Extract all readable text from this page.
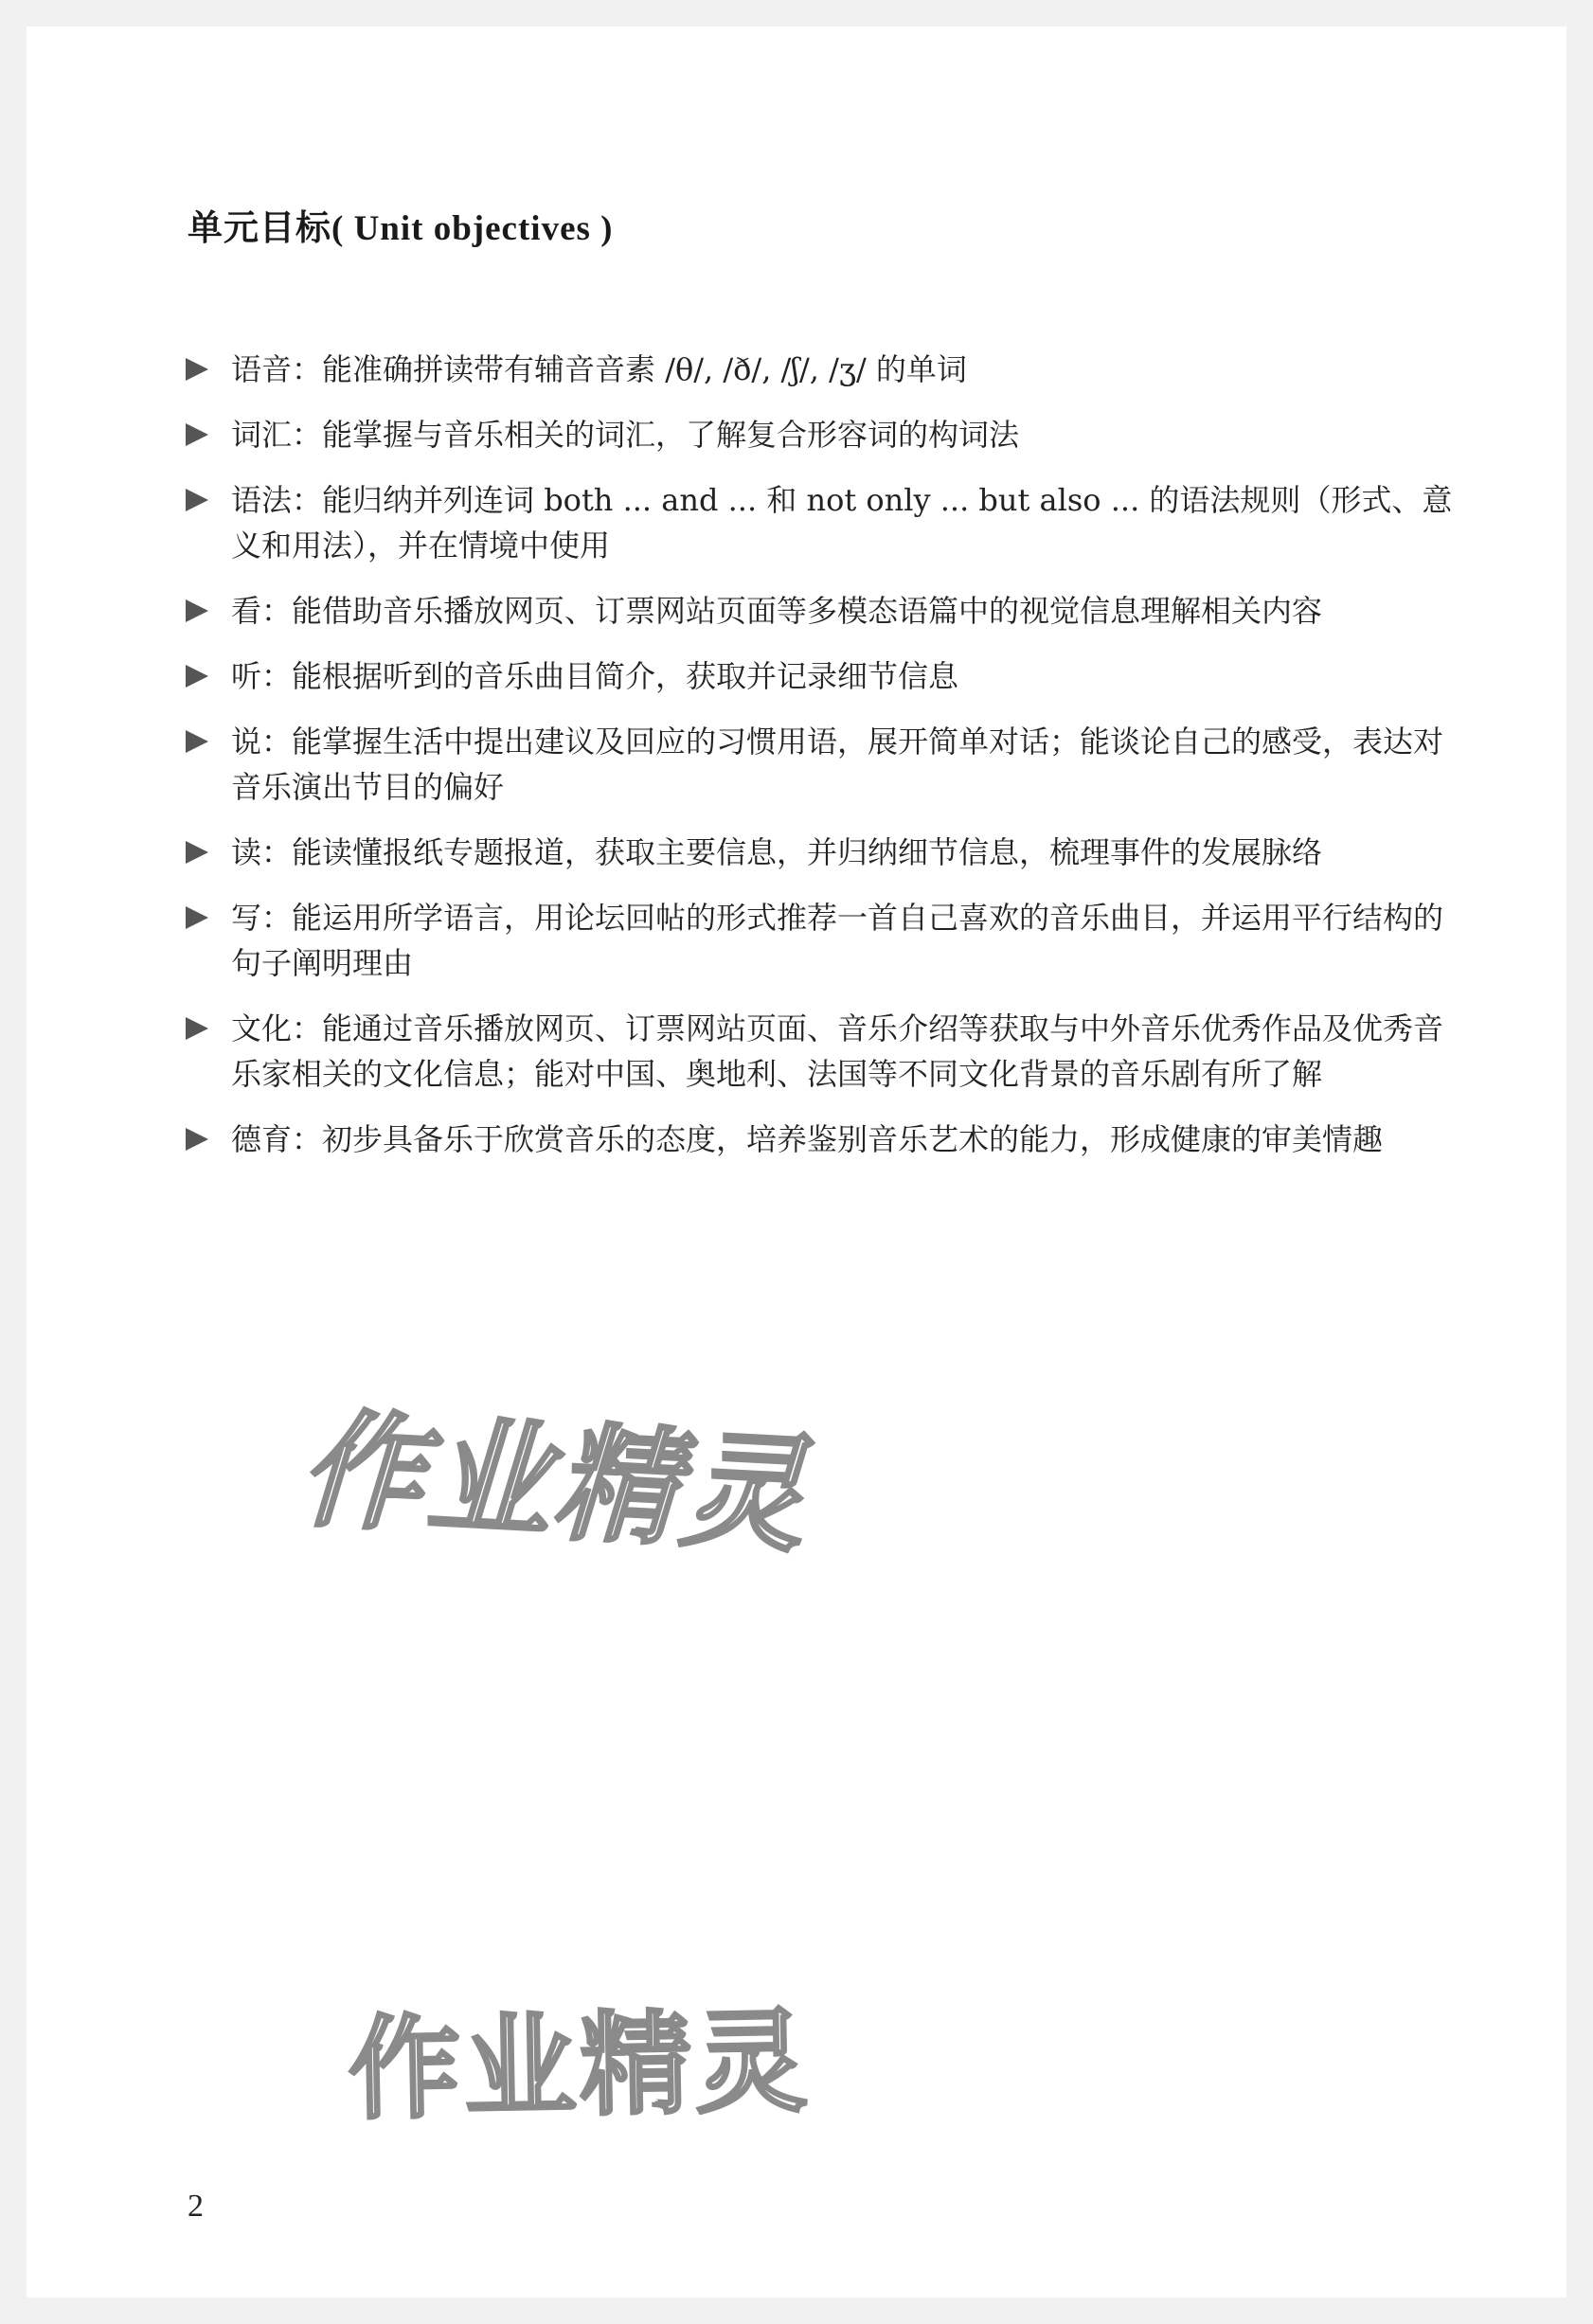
单元目标( Unit objectives )
语音：能准确拼读带有辅音音素 /θ/, /ð/, /ʃ/, /ʒ/ 的单词
词汇：能掌握与音乐相关的词汇，了解复合形容词的构词法
语法：能归纳并列连词 both ... and ... 和 not only ... but also ... 的语法规则（形式、意义和用法），并在情境中使用
看：能借助音乐播放网页、订票网站页面等多模态语篇中的视觉信息理解相关内容
听：能根据听到的音乐曲目简介，获取并记录细节信息
说：能掌握生活中提出建议及回应的习惯用语，展开简单对话；能谈论自己的感受，表达对音乐演出节目的偏好
读：能读懂报纸专题报道，获取主要信息，并归纳细节信息，梳理事件的发展脉络
写：能运用所学语言，用论坛回帖的形式推荐一首自己喜欢的音乐曲目，并运用平行结构的句子阐明理由
文化：能通过音乐播放网页、订票网站页面、音乐介绍等获取与中外音乐优秀作品及优秀音乐家相关的文化信息；能对中国、奥地利、法国等不同文化背景的音乐剧有所了解
德育：初步具备乐于欣赏音乐的态度，培养鉴别音乐艺术的能力，形成健康的审美情趣
作业精灵
作业精灵
2
